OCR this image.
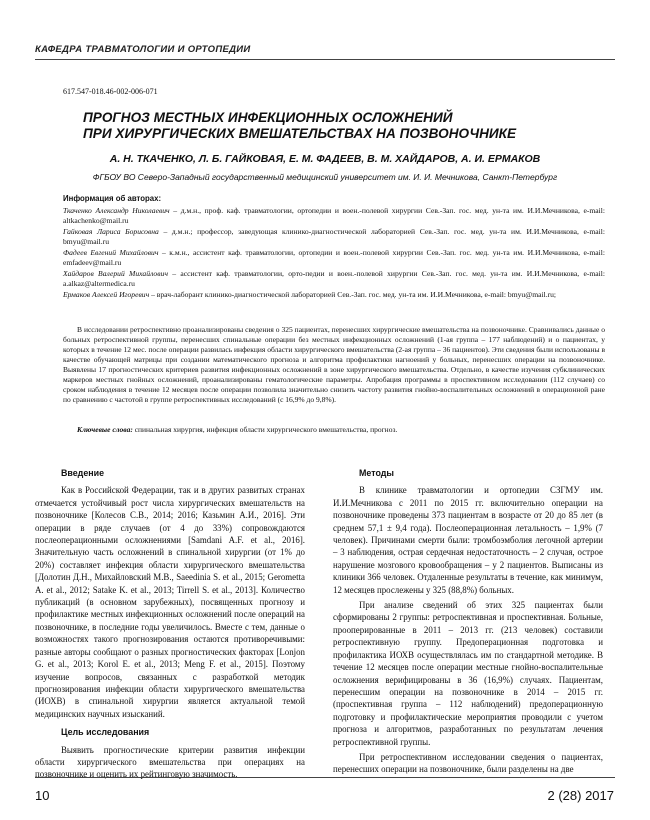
КАФЕДРА ТРАВМАТОЛОГИИ И ОРТОПЕДИИ
617.547-018.46-002-006-071
ПРОГНОЗ МЕСТНЫХ ИНФЕКЦИОННЫХ ОСЛОЖНЕНИЙ
ПРИ ХИРУРГИЧЕСКИХ ВМЕШАТЕЛЬСТВАХ НА ПОЗВОНОЧНИКЕ
А. Н. ТКАЧЕНКО, Л. Б. ГАЙКОВАЯ, Е. М. ФАДЕЕВ, В. М. ХАЙДАРОВ, А. И. ЕРМАКОВ
ФГБОУ ВО Северо-Западный государственный медицинский университет им. И. И. Мечникова, Санкт-Петербург
Информация об авторах:

Ткаченко Александр Николаевич – д.м.н., проф. каф. травматологии, ортопедии и воен.-полевой хирургии Сев.-Зап. гос. мед. ун-та им. И.И.Мечникова, e-mail: altkachenko@mail.ru

Гайковая Лариса Борисовна – д.м.н.; профессор, заведующая клинико-диагностической лабораторией Сев.-Зап. гос. мед. ун-та им. И.И.Мечникова, e-mail: bmyu@mail.ru

Фадеев Евгений Михайлович – к.м.н., ассистент каф. травматологии, ортопедии и воен.-полевой хирургии Сев.-Зап. гос. мед. ун-та им. И.И.Мечникова, e-mail: emfadeev@mail.ru

Хайдаров Валерий Михайлович – ассистент каф. травматологии, орто-педии и воен.-полевой хирургии Сев.-Зап. гос. мед. ун-та им. И.И.Мечникова, e-mail: a.alkaz@altermedica.ru

Ермаков Алексей Игоревич – врач-лаборант клинико-диагностической лабораторией Сев.-Зап. гос. мед. ун-та им. И.И.Мечникова, e-mail: bmyu@mail.ru;

В исследовании ретроспективно проанализированы сведения о 325 пациентах, перенесших хирургические вмешательства на позвоночнике. Сравнивались данные о больных ретроспективной группы, перенесших спинальные операции без местных инфекционных осложнений (1-ая группа – 177 наблюдений) и о пациентах, у которых в течение 12 мес. после операции развилась инфекция области хирургического вмешательства (2-ая группа – 36 пациентов). Эти сведения были использованы в качестве обучающей матрицы при создании математического прогноза и алгоритма профилактики нагноений у больных, перенесших операции на позвоночнике. Выявлены 17 прогностических критериев развития инфекционных осложнений в зоне хирургического вмешательства. Отдельно, в качестве изучения субклинических маркеров местных гнойных осложнений, проанализированы гематологические параметры. Апробация программы в проспективном исследовании (112 случаев) со сроком наблюдения в течение 12 месяцев после операции позволила значительно снизить частоту развития гнойно-воспалительных осложнений в операционной ране по сравнению с частотой в группе ретроспективных исследований (с 16,9% до 9,8%).

Ключевые слова: спинальная хирургия, инфекция области хирургического вмешательства, прогноз.
Введение

Как в Российской Федерации, так и в других развитых странах отмечается устойчивый рост числа хирургических вмешательств на позвоночнике [Колесов С.В., 2014; 2016; Казьмин А.И., 2016]. Эти операции в ряде случаев (от 4 до 33%) сопровождаются послеоперационными осложнениями [Samdani A.F. et al., 2016]. Значительную часть осложнений в спинальной хирургии (от 1% до 20%) составляет инфекция области хирургического вмешательства [Долотин Д.Н., Михайловский М.В., Saeedinia S. et al., 2015; Gerometta A. et al., 2012; Satake K. et al., 2013; Tirrell S. et al., 2013]. Количество публикаций (в основном зарубежных), посвященных прогнозу и профилактике местных инфекционных осложнений после операций на позвоночнике, в последние годы увеличилось. Вместе с тем, данные о возможностях такого прогнозирования остаются противоречивыми: разные авторы сообщают о разных прогностических факторах [Lonjon G. et al., 2013; Korol E. et al., 2013; Meng F. et al., 2015]. Поэтому изучение вопросов, связанных с разработкой методик прогнозирования инфекции области хирургического вмешательства (ИОХВ) в спинальной хирургии является актуальной темой медицинских научных изысканий.

Цель исследования

Выявить прогностические критерии развития инфекции области хирургического вмешательства при операциях на позвоночнике и оценить их рейтинговую значимость.

Методы

В клинике травматологии и ортопедии СЗГМУ им. И.И.Мечникова с 2011 по 2015 гг. включительно операции на позвоночнике проведены 373 пациентам в возрасте от 20 до 85 лет (в среднем 57,1 ± 9,4 года). Послеоперационная летальность – 1,9% (7 человек). Причинами смерти были: тромбоэмболия легочной артерии – 3 наблюдения, острая сердечная недостаточность – 2 случая, острое нарушение мозгового кровообращения – у 2 пациентов. Выписаны из клиники 366 человек. Отдаленные результаты в течение, как минимум, 12 месяцев прослежены у 325 (88,8%) больных.

При анализе сведений об этих 325 пациентах были сформированы 2 группы: ретроспективная и проспективная. Больные, прооперированные в 2011 – 2013 гг. (213 человек) составили ретроспективную группу. Предоперационная подготовка и профилактика ИОХВ осуществлялась им по стандартной методике. В течение 12 месяцев после операции местные гнойно-воспалительные осложнения верифицированы в 36 (16,9%) случаях. Пациентам, перенесшим операции на позвоночнике в 2014 – 2015 гг. (проспективная группа – 112 наблюдений) предоперационную подготовку и профилактические мероприятия проводили с учетом прогноза и алгоритмов, разработанных по результатам лечения ретроспективной группы.

При ретроспективном исследовании сведения о пациентах, перенесших операции на позвоночнике, были разделены на две

10	2 (28) 2017
